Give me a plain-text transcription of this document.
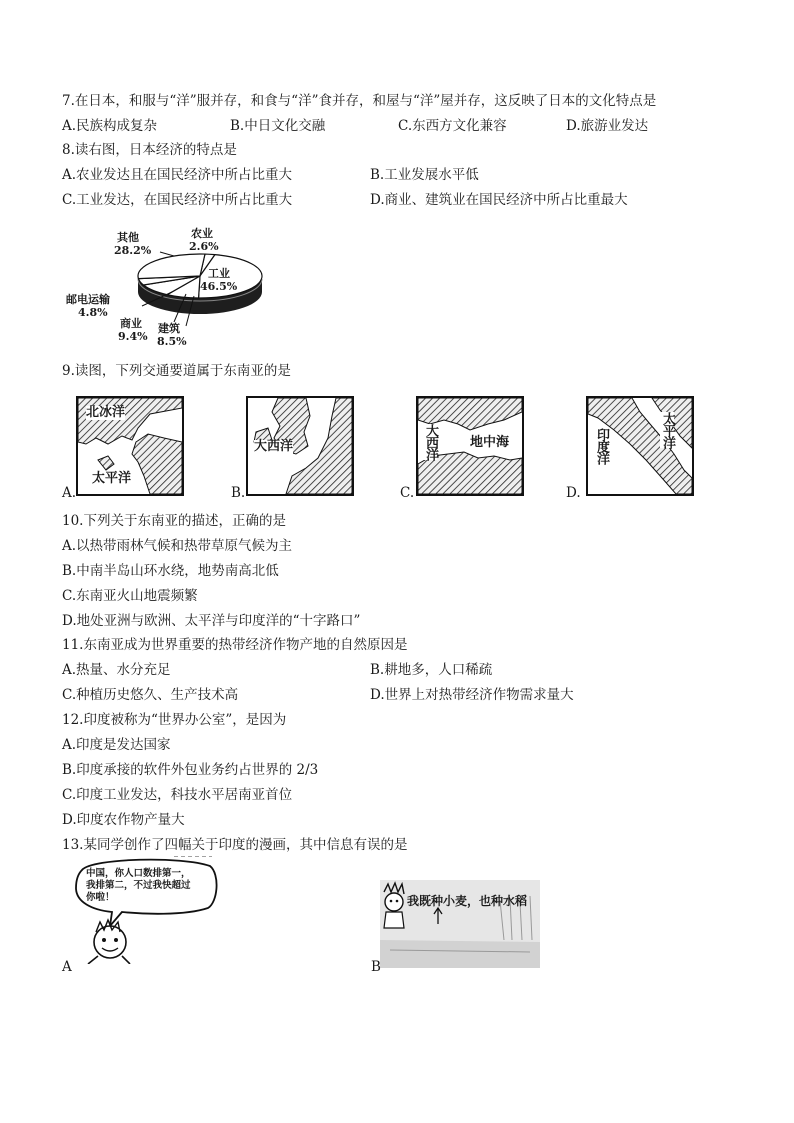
7.在日本，和服与“洋”服并存，和食与“洋”食并存，和屋与“洋”屋并存，这反映了日本的文化特点是
A.民族构成复杂	B.中日文化交融	C.东西方文化兼容	D.旅游业发达
8.读右图，日本经济的特点是
A.农业发达且在国民经济中所占比重大	B.工业发展水平低
C.工业发达，在国民经济中所占比重大	D.商业、建筑业在国民经济中所占比重最大
其他
28.2%
农业
2.6%
工业
46.5%
邮电运输
4.8%
商业
9.4%
建筑
8.5%
9.读图，下列交通要道属于东南亚的是
北冰洋
太平洋
A.
大西洋
B.
大西洋 地中海
C.
印度洋	太平洋
D.
10.下列关于东南亚的描述，正确的是
A.以热带雨林气候和热带草原气候为主
B.中南半岛山环水绕，地势南高北低
C.东南亚火山地震频繁
D.地处亚洲与欧洲、太平洋与印度洋的“十字路口”
11.东南亚成为世界重要的热带经济作物产地的自然原因是
A.热量、水分充足	B.耕地多，人口稀疏
C.种植历史悠久、生产技术高	D.世界上对热带经济作物需求量大
12.印度被称为“世界办公室”，是因为
A.印度是发达国家
B.印度承接的软件外包业务约占世界的 2/3
C.印度工业发达，科技水平居南亚首位
D.印度农作物产量大
13.某同学创作了四幅关于印度的漫画，其中信息有误的是
中国，你人口数排第一，
我排第二，不过我快超过
你啦！
A
我既种小麦，也种水稻
B
